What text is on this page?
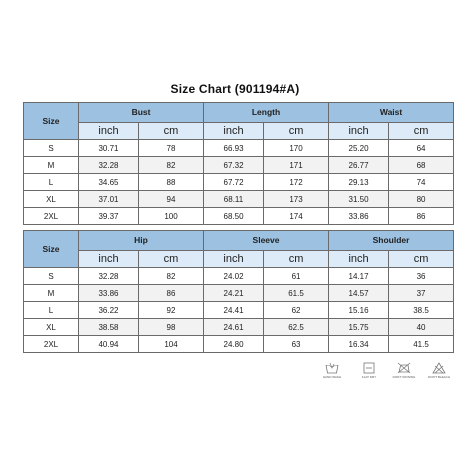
Size Chart (901194#A)
Size	Bust		Length		Waist	
	inch	cm	inch	cm	inch	cm
S	30.71	78	66.93	170	25.20	64
M	32.28	82	67.32	171	26.77	68
L	34.65	88	67.72	172	29.13	74
XL	37.01	94	68.11	173	31.50	80
2XL	39.37	100	68.50	174	33.86	86
Size	Hip		Sleeve		Shoulder	
	inch	cm	inch	cm	inch	cm
S	32.28	82	24.02	61	14.17	36
M	33.86	86	24.21	61.5	14.57	37
L	36.22	92	24.41	62	15.16	38.5
XL	38.58	98	24.61	62.5	15.75	40
2XL	40.94	104	24.80	63	16.34	41.5
HAND WASH	FLAT DRY	DON'T IRONING	DON'T BLEACH
